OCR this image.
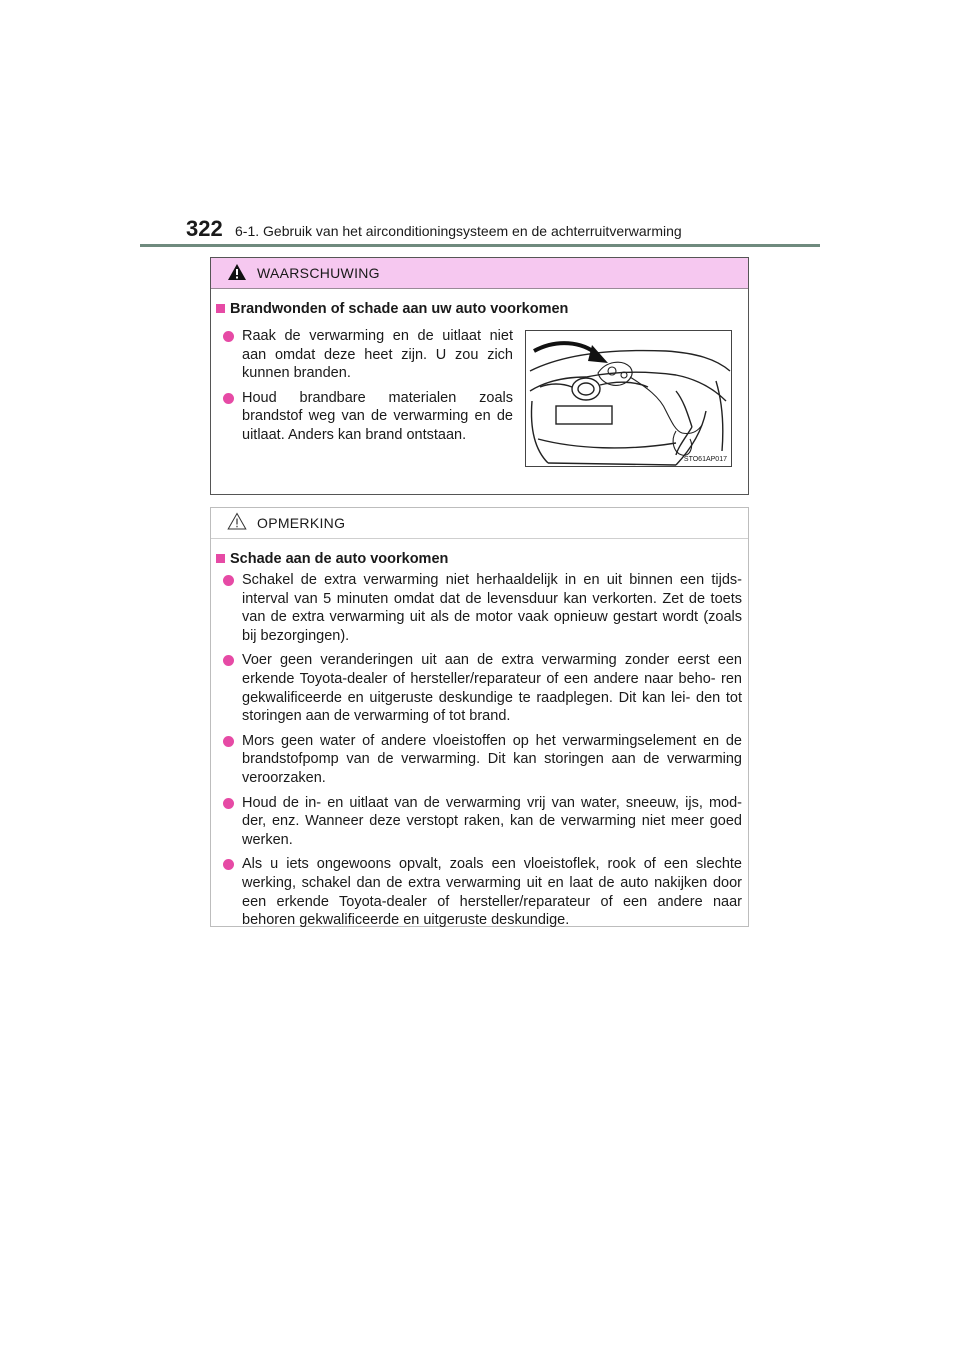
322 6-1. Gebruik van het airconditioningsysteem en de achterruitverwarming
WAARSCHUWING
Brandwonden of schade aan uw auto voorkomen
Raak de verwarming en de uitlaat niet aan omdat deze heet zijn. U zou zich kunnen branden.
Houd brandbare materialen zoals brandstof weg van de verwarming en de uitlaat. Anders kan brand ontstaan.
STO61AP017
OPMERKING
Schade aan de auto voorkomen
Schakel de extra verwarming niet herhaaldelijk in en uit binnen een tijds- interval van 5 minuten omdat dat de levensduur kan verkorten. Zet de toets van de extra verwarming uit als de motor vaak opnieuw gestart wordt (zoals bij bezorgingen).
Voer geen veranderingen uit aan de extra verwarming zonder eerst een erkende Toyota-dealer of hersteller/reparateur of een andere naar beho- ren gekwalificeerde en uitgeruste deskundige te raadplegen. Dit kan lei- den tot storingen aan de verwarming of tot brand.
Mors geen water of andere vloeistoffen op het verwarmingselement en de brandstofpomp van de verwarming. Dit kan storingen aan de verwarming veroorzaken.
Houd de in- en uitlaat van de verwarming vrij van water, sneeuw, ijs, mod- der, enz. Wanneer deze verstopt raken, kan de verwarming niet meer goed werken.
Als u iets ongewoons opvalt, zoals een vloeistoflek, rook of een slechte werking, schakel dan de extra verwarming uit en laat de auto nakijken door een erkende Toyota-dealer of hersteller/reparateur of een andere naar behoren gekwalificeerde en uitgeruste deskundige.
